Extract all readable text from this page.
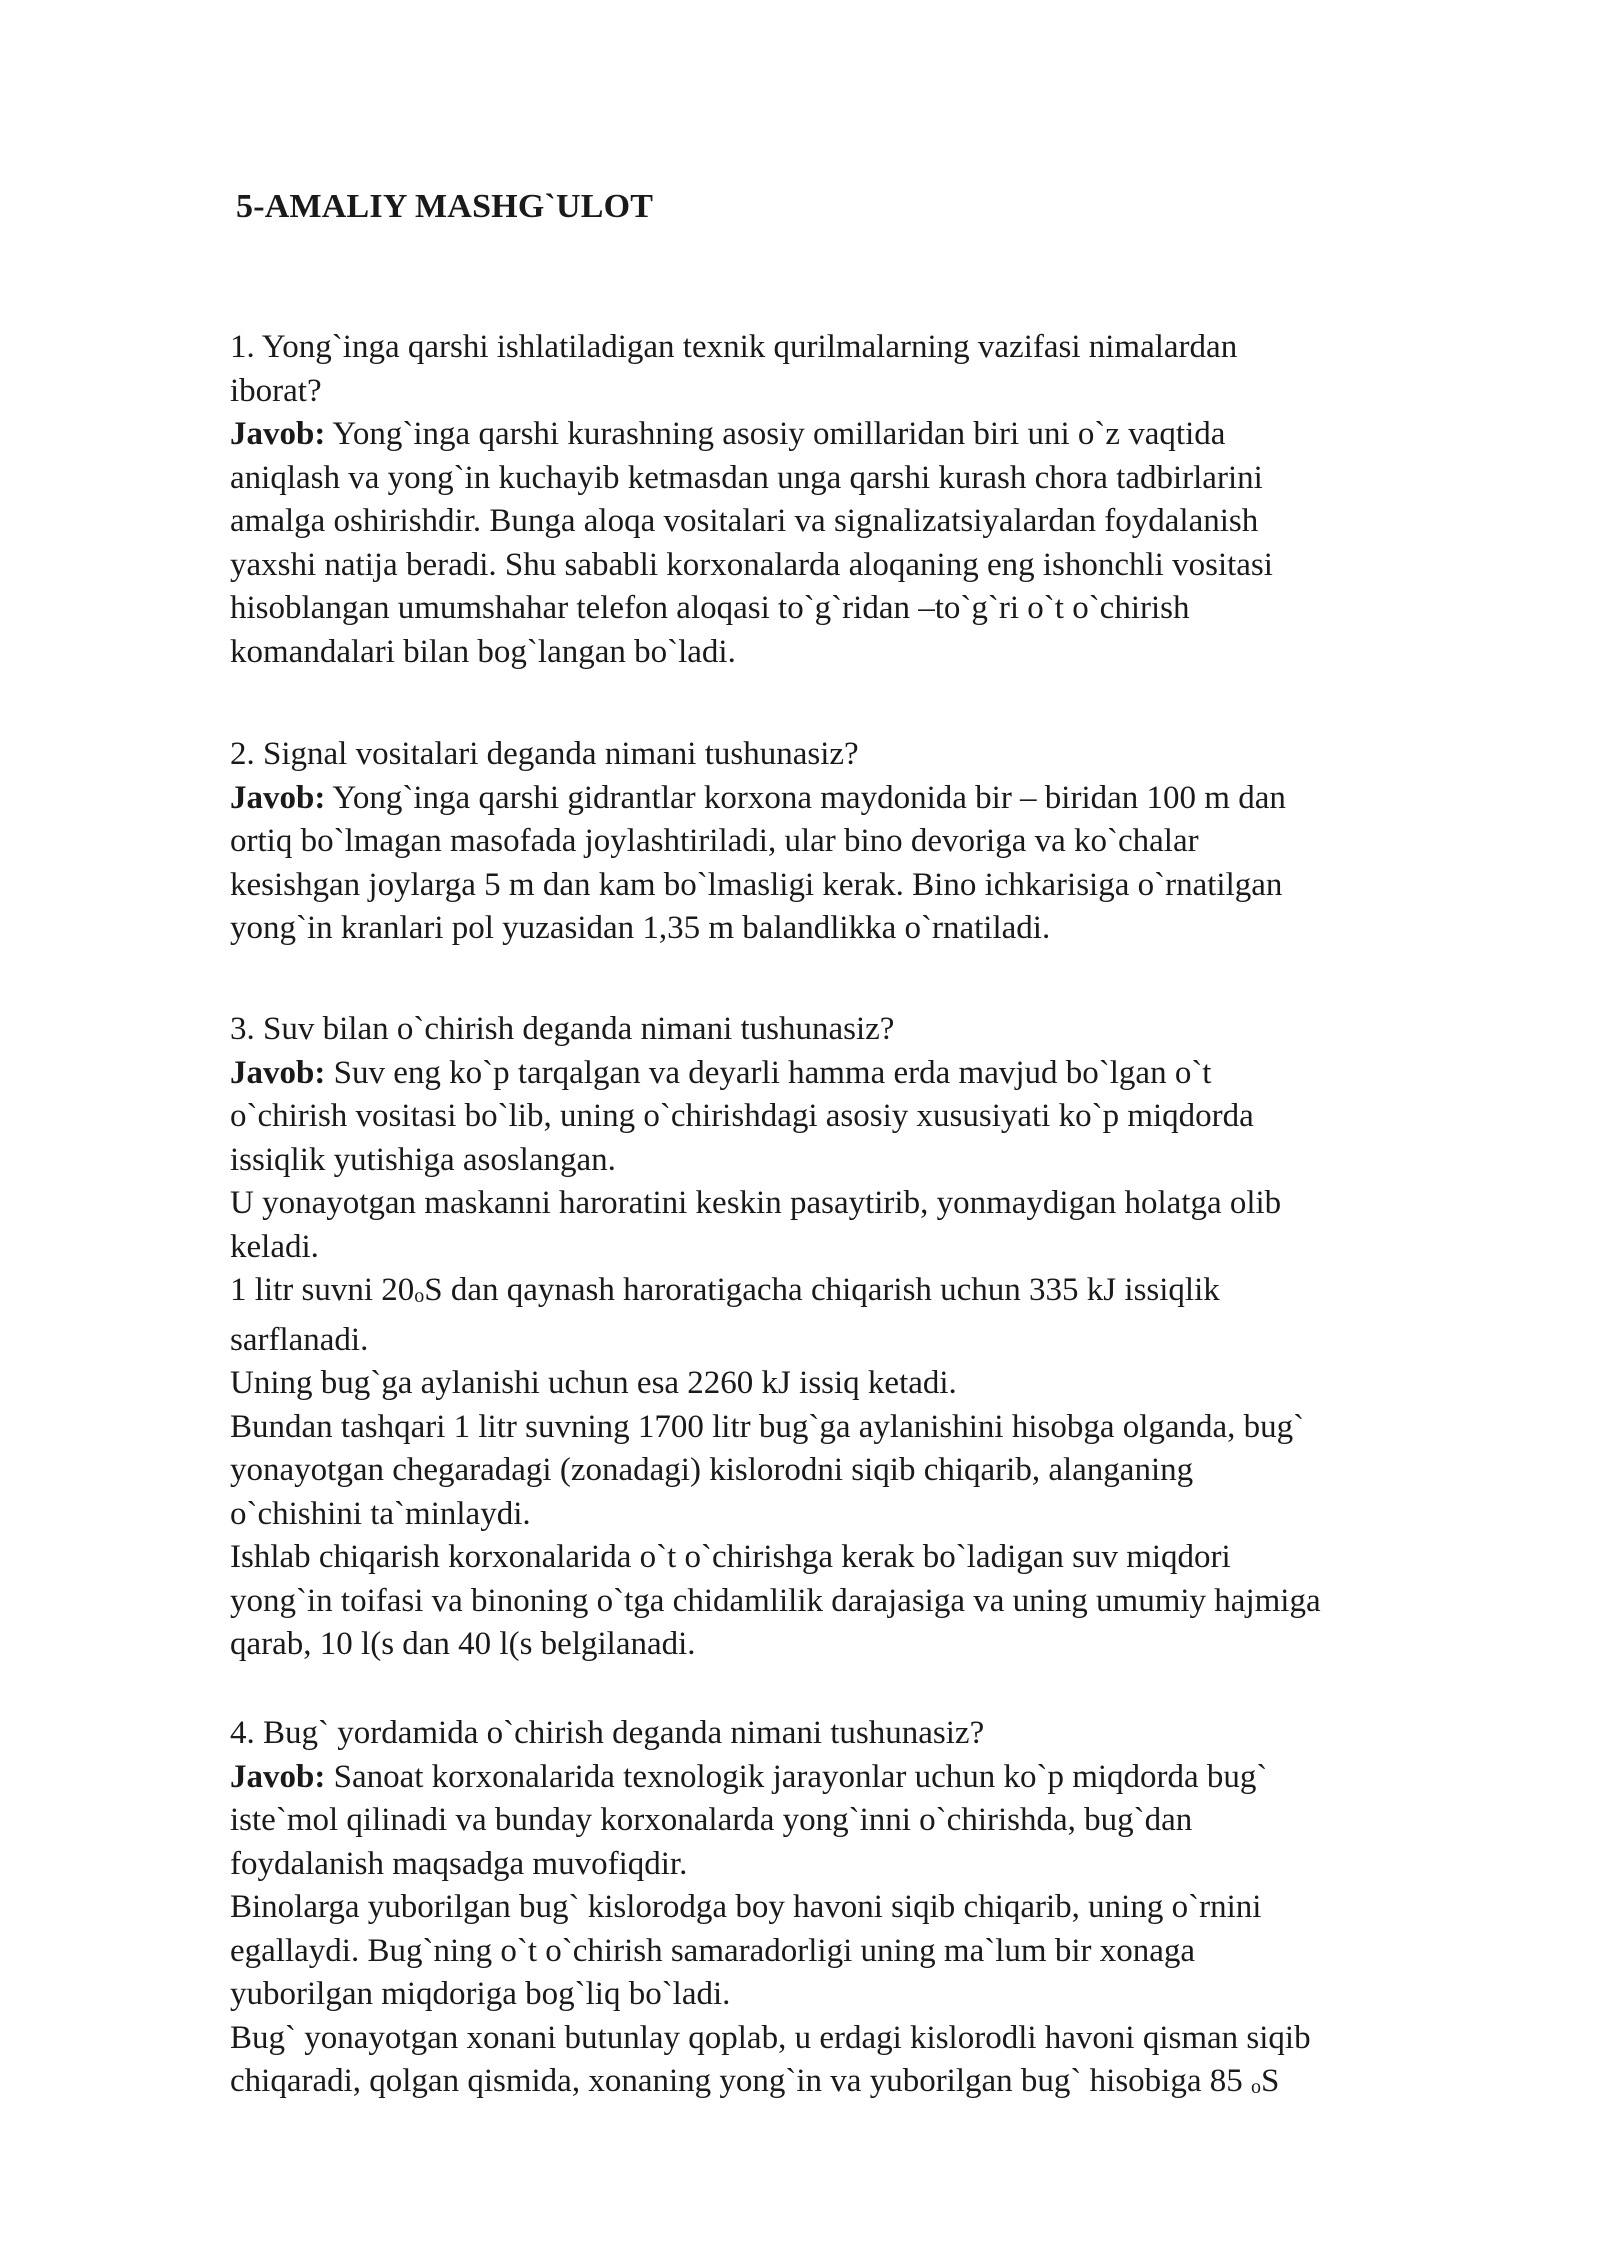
5-AMALIY MASHG`ULOT

1. Yong`inga qarshi ishlatiladigan texnik qurilmalarning vazifasi nimalardan

iborat?

Javob: Yong`inga qarshi kurashning asosiy omillaridan biri uni o`z vaqtida

aniqlash va yong`in kuchayib ketmasdan unga qarshi kurash chora tadbirlarini

amalga oshirishdir. Bunga aloqa vositalari va signalizatsiyalardan foydalanish

yaxshi natija beradi. Shu sababli korxonalarda aloqaning eng ishonchli vositasi

hisoblangan umumshahar telefon aloqasi to`g`ridan –to`g`ri o`t o`chirish

komandalari bilan bog`langan bo`ladi.

2. Signal vositalari deganda nimani tushunasiz?

Javob: Yong`inga qarshi gidrantlar korxona maydonida bir – biridan 100 m dan

ortiq bo`lmagan masofada joylashtiriladi, ular bino devoriga va ko`chalar

kesishgan joylarga 5 m dan kam bo`lmasligi kerak. Bino ichkarisiga o`rnatilgan

yong`in kranlari pol yuzasidan 1,35 m balandlikka o`rnatiladi.

3. Suv bilan o`chirish deganda nimani tushunasiz?

Javob: Suv eng ko`p tarqalgan va deyarli hamma erda mavjud bo`lgan o`t

o`chirish vositasi bo`lib, uning o`chirishdagi asosiy xususiyati ko`p miqdorda

issiqlik yutishiga asoslangan.

U yonayotgan maskanni haroratini keskin pasaytirib, yonmaydigan holatga olib

keladi.

1 litr suvni $20_oS$ dan qaynash haroratigacha chiqarish uchun 335 kJ issiqlik

sarflanadi.

Uning bug`ga aylanishi uchun esa 2260 kJ issiq ketadi.

Bundan tashqari 1 litr suvning 1700 litr bug`ga aylanishini hisobga olganda, bug`

yonayotgan chegaradagi (zonadagi) kislorodni siqib chiqarib, alanganing

o`chishini ta`minlaydi.

Ishlab chiqarish korxonalarida o`t o`chirishga kerak bo`ladigan suv miqdori

yong`in toifasi va binoning o`tga chidamlilik darajasiga va uning umumiy hajmiga

qarab, 10 l(s dan 40 l(s belgilanadi.

4. Bug` yordamida o`chirish deganda nimani tushunasiz?

Javob: Sanoat korxonalarida texnologik jarayonlar uchun ko`p miqdorda bug`

iste`mol qilinadi va bunday korxonalarda yong`inni o`chirishda, bug`dan

foydalanish maqsadga muvofiqdir.

Binolarga yuborilgan bug` kislorodga boy havoni siqib chiqarib, uning o`rnini

egallaydi. Bug`ning o`t o`chirish samaradorligi uning ma`lum bir xonaga

yuborilgan miqdoriga bog`liq bo`ladi.

Bug` yonayotgan xonani butunlay qoplab, u erdagi kislorodli havoni qisman siqib

chiqaradi, qolgan qismida, xonaning yong`in va yuborilgan bug` hisobiga 85 $_o$S
